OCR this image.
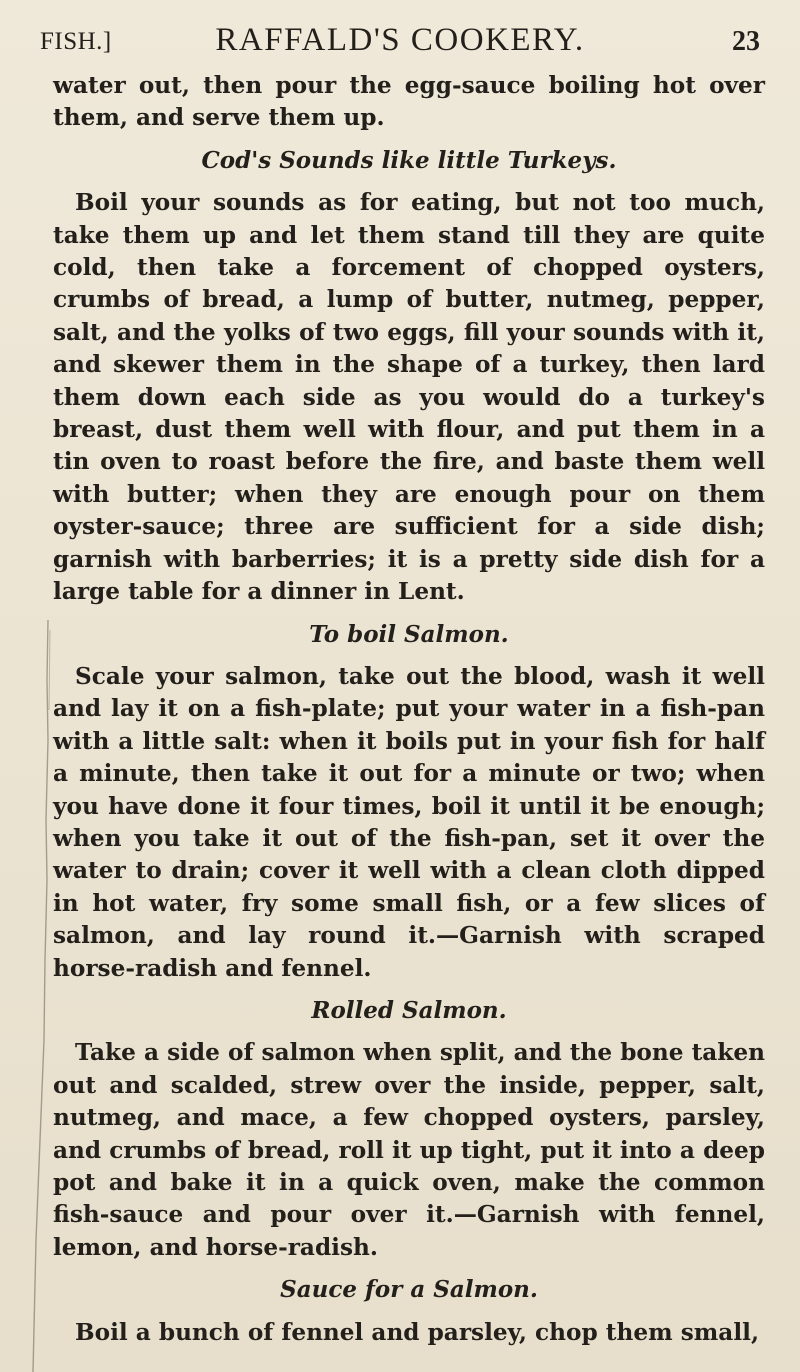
FISH.]	RAFFALD'S COOKERY.	23

water out, then pour the egg-sauce boiling hot over them, and serve them up.

Cod's Sounds like little Turkeys.

Boil your sounds as for eating, but not too much, take them up and let them stand till they are quite cold, then take a forcement of chopped oysters, crumbs of bread, a lump of butter, nutmeg, pepper, salt, and the yolks of two eggs, fill your sounds with it, and skewer them in the shape of a turkey, then lard them down each side as you would do a turkey's breast, dust them well with flour, and put them in a tin oven to roast before the fire, and baste them well with butter; when they are enough pour on them oyster-sauce; three are sufficient for a side dish; garnish with barberries; it is a pretty side dish for a large table for a dinner in Lent.

To boil Salmon.

Scale your salmon, take out the blood, wash it well and lay it on a fish-plate; put your water in a fish-pan with a little salt: when it boils put in your fish for half a minute, then take it out for a minute or two; when you have done it four times, boil it until it be enough; when you take it out of the fish-pan, set it over the water to drain; cover it well with a clean cloth dipped in hot water, fry some small fish, or a few slices of salmon, and lay round it.—Garnish with scraped horse-radish and fennel.

Rolled Salmon.

Take a side of salmon when split, and the bone taken out and scalded, strew over the inside, pepper, salt, nutmeg, and mace, a few chopped oysters, parsley, and crumbs of bread, roll it up tight, put it into a deep pot and bake it in a quick oven, make the common fish-sauce and pour over it.—Garnish with fennel, lemon, and horse-radish.

Sauce for a Salmon.

Boil a bunch of fennel and parsley, chop them small,
